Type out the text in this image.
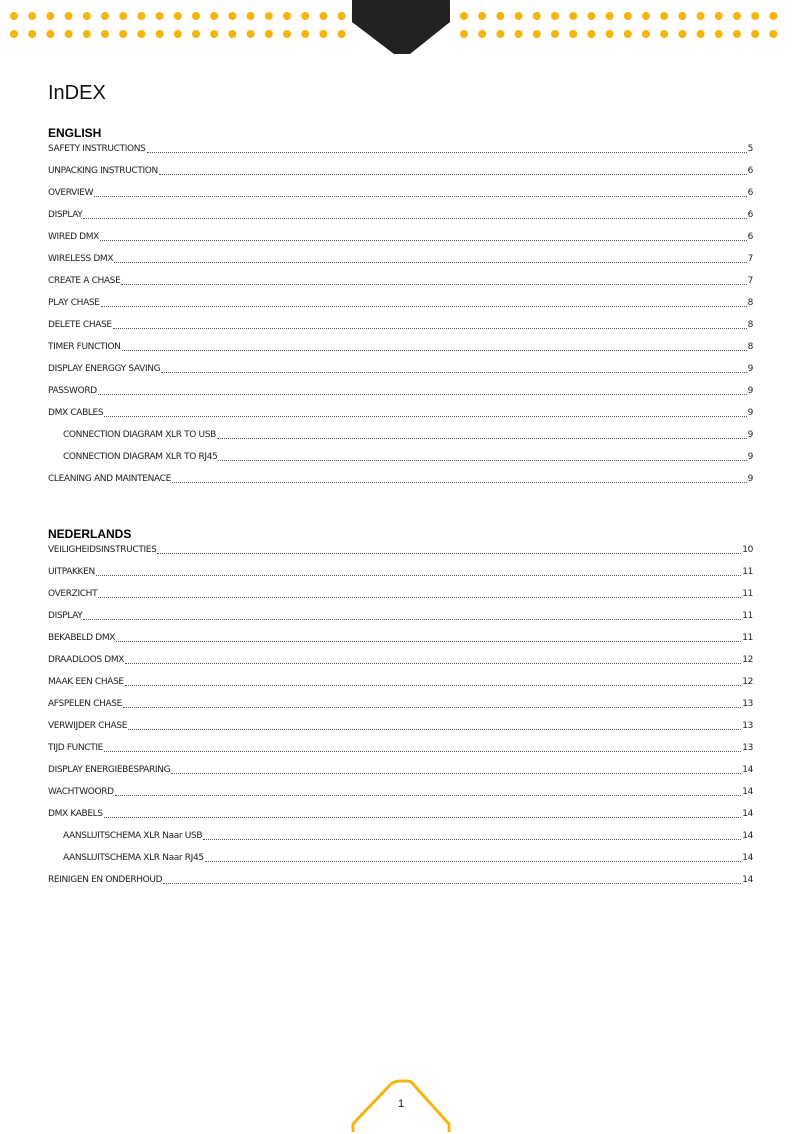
InDEX
ENGLISH
SAFETY INSTRUCTIONS	5
UNPACKING INSTRUCTION	6
OVERVIEW	6
DISPLAY	6
WIRED DMX	6
WIRELESS DMX	7
CREATE A CHASE	7
PLAY CHASE	8
DELETE CHASE	8
TIMER FUNCTION	8
DISPLAY ENERGGY SAVING	9
PASSWORD	9
DMX CABLES	9
CONNECTION DIAGRAM XLR TO USB	9
CONNECTION DIAGRAM XLR TO RJ45	9
CLEANING AND MAINTENACE	9
NEDERLANDS
VEILIGHEIDSINSTRUCTIES	10
UITPAKKEN	11
OVERZICHT	11
DISPLAY	11
BEKABELD DMX	11
DRAADLOOS DMX	12
MAAK EEN CHASE	12
AFSPELEN CHASE	13
VERWIJDER CHASE	13
TIJD FUNCTIE	13
DISPLAY ENERGIEBESPARING	14
WACHTWOORD	14
DMX KABELS	14
AANSLUITSCHEMA XLR Naar USB	14
AANSLUITSCHEMA XLR Naar RJ45	14
REINIGEN EN ONDERHOUD	14
1
